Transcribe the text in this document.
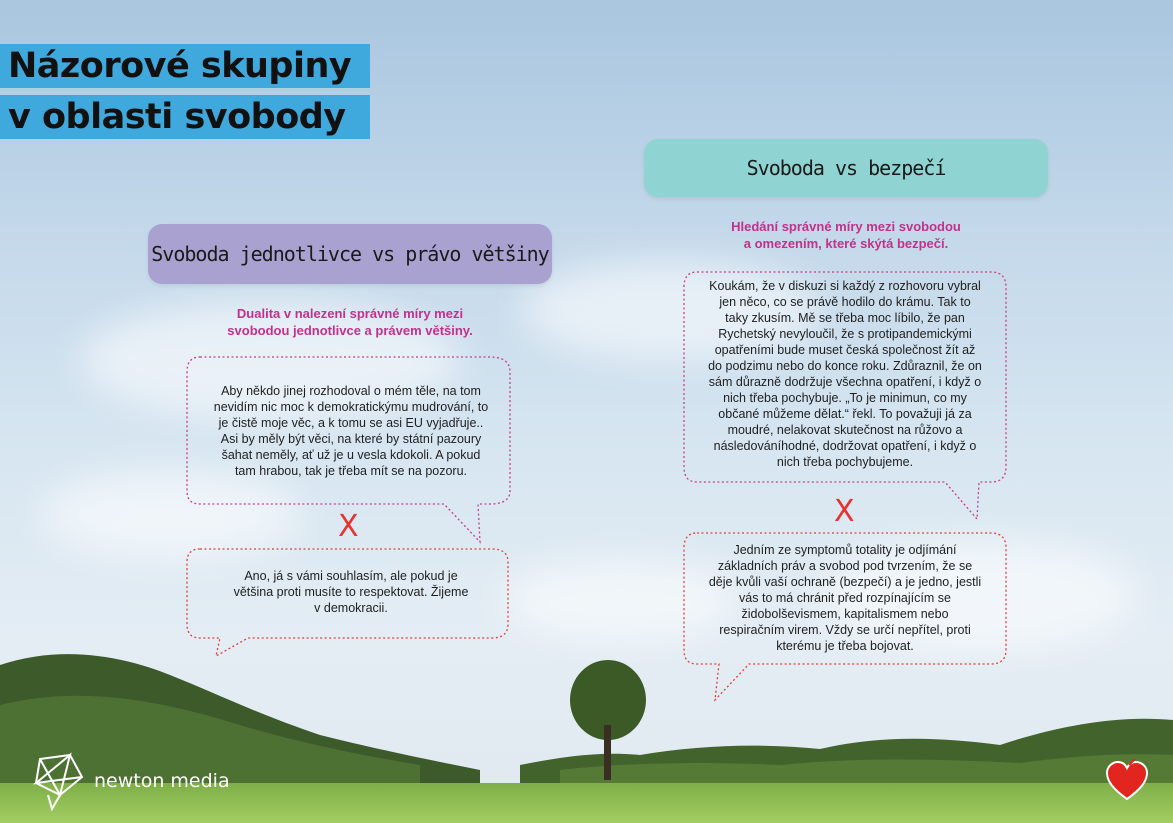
Názorové skupiny
v oblasti svobody
Svoboda jednotlivce vs právo většiny
Dualita v nalezení správné míry mezi
svobodou jednotlivce a právem většiny.
Aby někdo jinej rozhodoval o mém těle, na tom nevidím nic moc k demokratickýmu mudrování, to je čistě moje věc, a k tomu se asi EU vyjadřuje.. Asi by měly být věci, na které by státní pazoury šahat neměly, ať už je u vesla kdokoli. A pokud tam hrabou, tak je třeba mít se na pozoru.
X
Ano, já s vámi souhlasím, ale pokud je většina proti musíte to respektovat. Žijeme v demokracii.
Svoboda vs bezpečí
Hledání správné míry mezi svobodou
a omezením, které skýtá bezpečí.
Koukám, že v diskuzi si každý z rozhovoru vybral jen něco, co se právě hodilo do krámu. Tak to taky zkusím. Mě se třeba moc líbilo, že pan Rychetský nevyloučil, že s protipandemickými opatřeními bude muset česká společnost žít až do podzimu nebo do konce roku. Zdůraznil, že on sám důrazně dodržuje všechna opatření, i když o nich třeba pochybuje. „To je minimun, co my občané můžeme dělat.“ řekl. To považuji já za moudré, nelakovat skutečnost na růžovo a následováníhodné, dodržovat opatření, i když o nich třeba pochybujeme.
X
Jedním ze symptomů totality je odjímání základních práv a svobod pod tvrzením, že se děje kvůli vaší ochraně (bezpečí) a je jedno, jestli vás to má chránit před rozpínajícím se židobolševismem, kapitalismem nebo respiračním virem. Vždy se určí nepřítel, proti kterému je třeba bojovat.
newton media
